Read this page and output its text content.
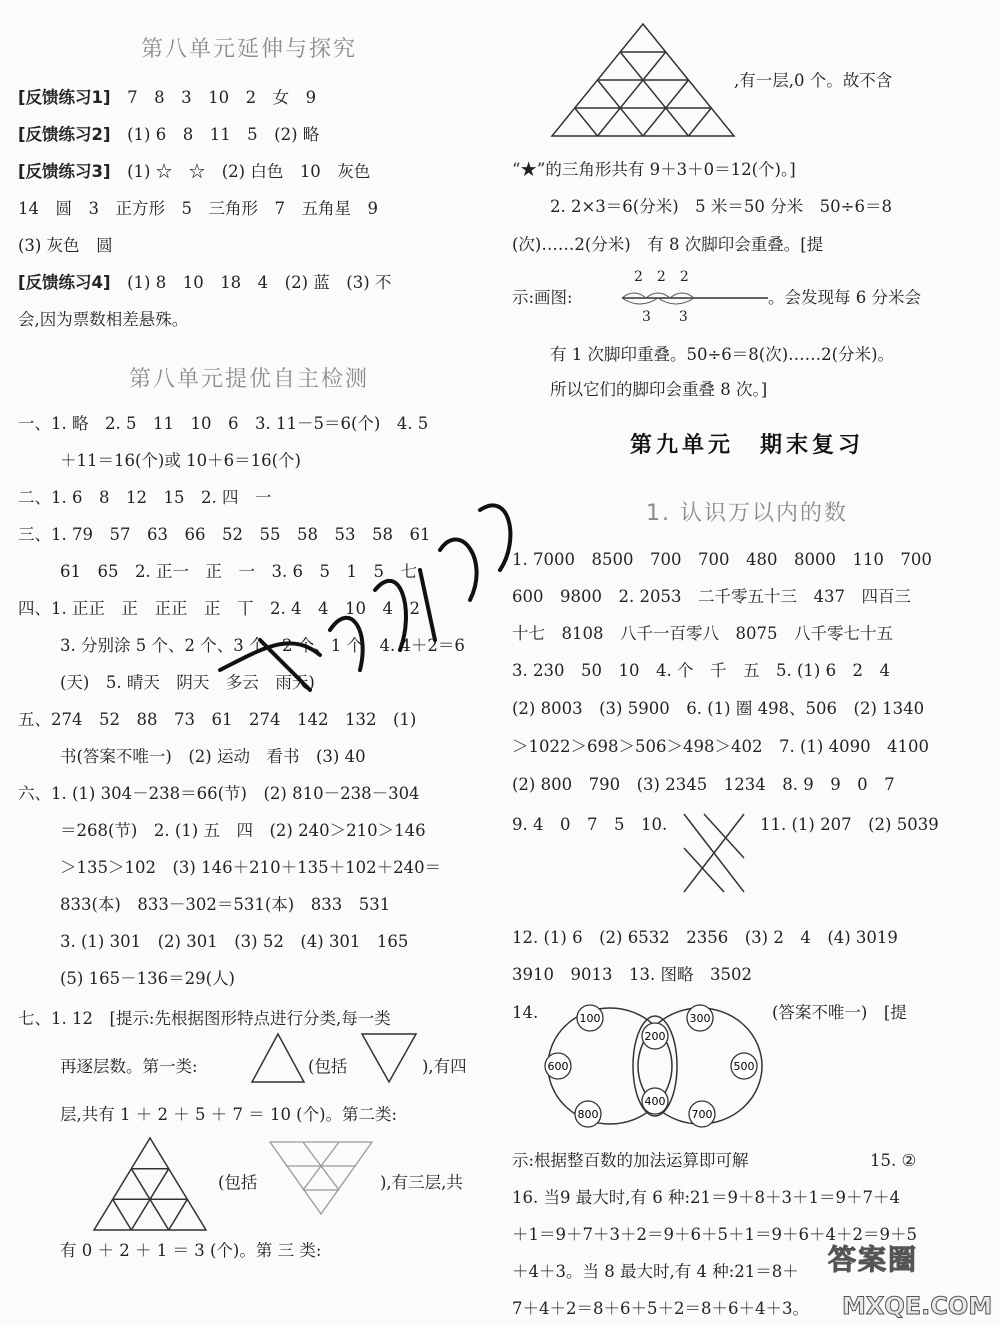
第八单元延伸与探究
[反馈练习1]　 7　8　3　10　2　女　9
[反馈练习2]　 (1) 6　8　11　5　(2) 略
[反馈练习3]　 (1) ☆　☆　(2) 白色　10　灰色
14　圆　3　正方形　5　三角形　7　五角星　9
(3) 灰色　圆
[反馈练习4]　 (1) 8　10　18　4　(2) 蓝　(3) 不
会,因为票数相差悬殊。
第八单元提优自主检测
一、1. 略　2. 5　11　10　6　3. 11－5＝6(个)　4. 5
＋11＝16(个)或 10＋6＝16(个)
二、1. 6　8　12　15　2. 四　一
三、1. 79　57　63　66　52　55　58　53　58　61
61　65　2. 正一　正　一　3. 6　5　1　5　七
四、1. 正正　正　正正　正　丅　2. 4　4　10　4　2
3. 分别涂 5 个、2 个、3 个、2 个、1 个　4. 4＋2＝6
(天)　5. 晴天　阴天　多云　雨天)
五、274　52　88　73　61　274　142　132　(1)
书(答案不唯一)　(2) 运动　看书　(3) 40
六、1. (1) 304－238＝66(节)　(2) 810－238－304
＝268(节)　2. (1) 五　四　(2) 240＞210＞146
＞135＞102　(3) 146＋210＋135＋102＋240＝
833(本)　833－302＝531(本)　833　531
3. (1) 301　(2) 301　(3) 52　(4) 301　165
(5) 165－136＝29(人)
七、1. 12　[提示:先根据图形特点进行分类,每一类
再逐层数。第一类:	(包括	),有四
层,共有 1 ＋ 2 ＋ 5 ＋ 7 ＝ 10 (个)。第二类:
(包括	),有三层,共
有 0 ＋ 2 ＋ 1 ＝ 3 (个)。第 三 类:
,有一层,0 个。故不含
“★”的三角形共有 9＋3＋0＝12(个)。]
2. 2×3＝6(分米)　5 米＝50 分米　50÷6＝8
(次)……2(分米)　有 8 次脚印会重叠。[提
示:画图:
2　2　2
3　　3
。会发现每 6 分米会
有 1 次脚印重叠。50÷6＝8(次)……2(分米)。
所以它们的脚印会重叠 8 次。]
第九单元　期末复习
1. 认识万以内的数
1. 7000　8500　700　700　480　8000　110　700
600　9800　2. 2053　二千零五十三　437　四百三
十七　8108　八千一百零八　8075　八千零七十五
3. 230　50　10　4. 个　千　五　5. (1) 6　2　4
(2) 8003　(3) 5900　6. (1) 圈 498、506　(2) 1340
＞1022＞698＞506＞498＞402　7. (1) 4090　4100
(2) 800　790　(3) 2345　1234　8. 9　9　0　7
9. 4　0　7　5　10.	11. (1) 207　(2) 5039
12. (1) 6　(2) 6532　2356　(3) 2　4　(4) 3019
3910　9013　13. 图略　3502
14.	100
200
300
600	500
800
400
700
(答案不唯一)　[提
示:根据整百数的加法运算即可解	15. ②
16. 当9 最大时,有 6 种:21＝9＋8＋3＋1＝9＋7＋4
＋1＝9＋7＋3＋2＝9＋6＋5＋1＝9＋6＋4＋2＝9＋5
＋4＋3。当 8 最大时,有 4 种:21＝8＋
7＋4＋2＝8＋6＋5＋2＝8＋6＋4＋3。
答案圈
MXQE.COM
